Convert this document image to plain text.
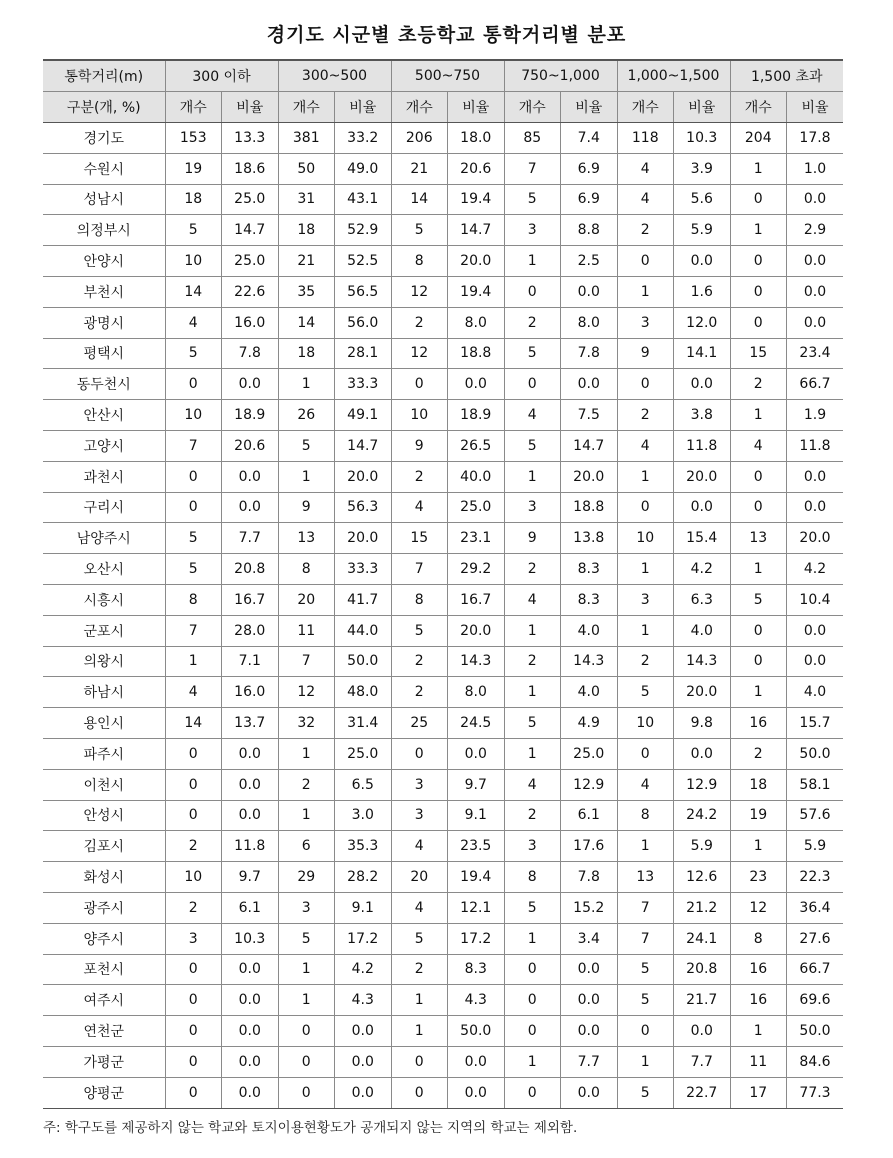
경기도 시군별 초등학교 통학거리별 분포
통학거리(m)	300 이하		300~500		500~750		750~1,000		1,000~1,500		1,500 초과	
구분(개, %)	개수	비율	개수	비율	개수	비율	개수	비율	개수	비율	개수	비율
경기도	153	13.3	381	33.2	206	18.0	85	7.4	118	10.3	204	17.8
수원시	19	18.6	50	49.0	21	20.6	7	6.9	4	3.9	1	1.0
성남시	18	25.0	31	43.1	14	19.4	5	6.9	4	5.6	0	0.0
의정부시	5	14.7	18	52.9	5	14.7	3	8.8	2	5.9	1	2.9
안양시	10	25.0	21	52.5	8	20.0	1	2.5	0	0.0	0	0.0
부천시	14	22.6	35	56.5	12	19.4	0	0.0	1	1.6	0	0.0
광명시	4	16.0	14	56.0	2	8.0	2	8.0	3	12.0	0	0.0
평택시	5	7.8	18	28.1	12	18.8	5	7.8	9	14.1	15	23.4
동두천시	0	0.0	1	33.3	0	0.0	0	0.0	0	0.0	2	66.7
안산시	10	18.9	26	49.1	10	18.9	4	7.5	2	3.8	1	1.9
고양시	7	20.6	5	14.7	9	26.5	5	14.7	4	11.8	4	11.8
과천시	0	0.0	1	20.0	2	40.0	1	20.0	1	20.0	0	0.0
구리시	0	0.0	9	56.3	4	25.0	3	18.8	0	0.0	0	0.0
남양주시	5	7.7	13	20.0	15	23.1	9	13.8	10	15.4	13	20.0
오산시	5	20.8	8	33.3	7	29.2	2	8.3	1	4.2	1	4.2
시흥시	8	16.7	20	41.7	8	16.7	4	8.3	3	6.3	5	10.4
군포시	7	28.0	11	44.0	5	20.0	1	4.0	1	4.0	0	0.0
의왕시	1	7.1	7	50.0	2	14.3	2	14.3	2	14.3	0	0.0
하남시	4	16.0	12	48.0	2	8.0	1	4.0	5	20.0	1	4.0
용인시	14	13.7	32	31.4	25	24.5	5	4.9	10	9.8	16	15.7
파주시	0	0.0	1	25.0	0	0.0	1	25.0	0	0.0	2	50.0
이천시	0	0.0	2	6.5	3	9.7	4	12.9	4	12.9	18	58.1
안성시	0	0.0	1	3.0	3	9.1	2	6.1	8	24.2	19	57.6
김포시	2	11.8	6	35.3	4	23.5	3	17.6	1	5.9	1	5.9
화성시	10	9.7	29	28.2	20	19.4	8	7.8	13	12.6	23	22.3
광주시	2	6.1	3	9.1	4	12.1	5	15.2	7	21.2	12	36.4
양주시	3	10.3	5	17.2	5	17.2	1	3.4	7	24.1	8	27.6
포천시	0	0.0	1	4.2	2	8.3	0	0.0	5	20.8	16	66.7
여주시	0	0.0	1	4.3	1	4.3	0	0.0	5	21.7	16	69.6
연천군	0	0.0	0	0.0	1	50.0	0	0.0	0	0.0	1	50.0
가평군	0	0.0	0	0.0	0	0.0	1	7.7	1	7.7	11	84.6
양평군	0	0.0	0	0.0	0	0.0	0	0.0	5	22.7	17	77.3
주: 학구도를 제공하지 않는 학교와 토지이용현황도가 공개되지 않는 지역의 학교는 제외함.
